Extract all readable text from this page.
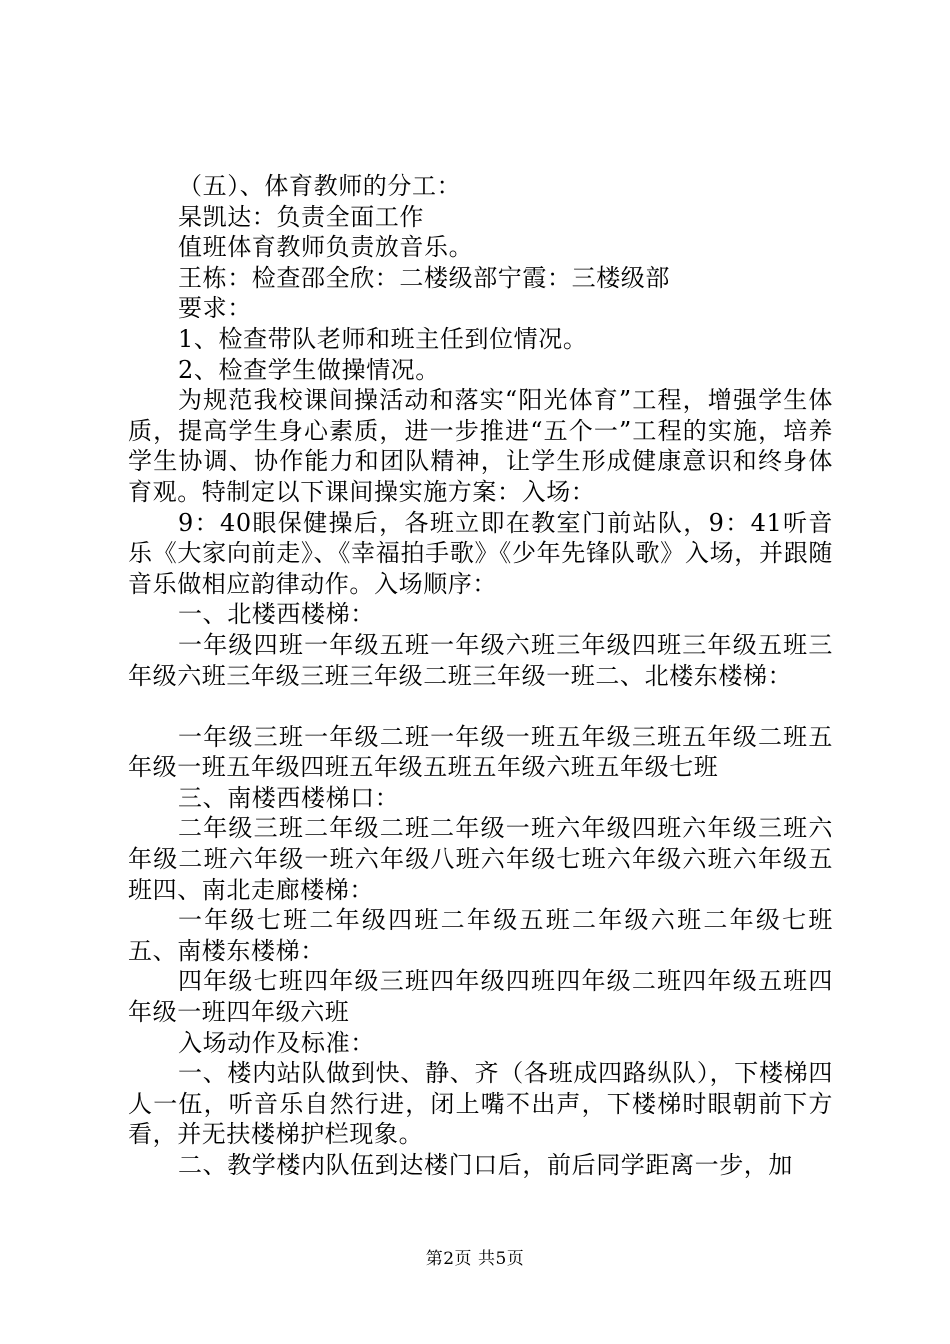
（五）、体育教师的分工：

杲凯达：负责全面工作

值班体育教师负责放音乐。

王栋：检查邵全欣：二楼级部宁霞：三楼级部

要求：

1、检查带队老师和班主任到位情况。

2、检查学生做操情况。

为规范我校课间操活动和落实“阳光体育”工程，增强学生体质，提高学生身心素质，进一步推进“五个一”工程的实施，培养学生协调、协作能力和团队精神，让学生形成健康意识和终身体育观。特制定以下课间操实施方案：入场：

9：40眼保健操后，各班立即在教室门前站队，9：41听音乐《大家向前走》、《幸福拍手歌》《少年先锋队歌》入场，并跟随音乐做相应韵律动作。入场顺序：

一、北楼西楼梯：

一年级四班一年级五班一年级六班三年级四班三年级五班三年级六班三年级三班三年级二班三年级一班二、北楼东楼梯：

一年级三班一年级二班一年级一班五年级三班五年级二班五年级一班五年级四班五年级五班五年级六班五年级七班

三、南楼西楼梯口：

二年级三班二年级二班二年级一班六年级四班六年级三班六年级二班六年级一班六年级八班六年级七班六年级六班六年级五班四、南北走廊楼梯：

一年级七班二年级四班二年级五班二年级六班二年级七班五、南楼东楼梯：

四年级七班四年级三班四年级四班四年级二班四年级五班四年级一班四年级六班

入场动作及标准：

一、楼内站队做到快、静、齐（各班成四路纵队），下楼梯四人一伍，听音乐自然行进，闭上嘴不出声，下楼梯时眼朝前下方看，并无扶楼梯护栏现象。

二、教学楼内队伍到达楼门口后，前后同学距离一步，加

第2页 共5页
